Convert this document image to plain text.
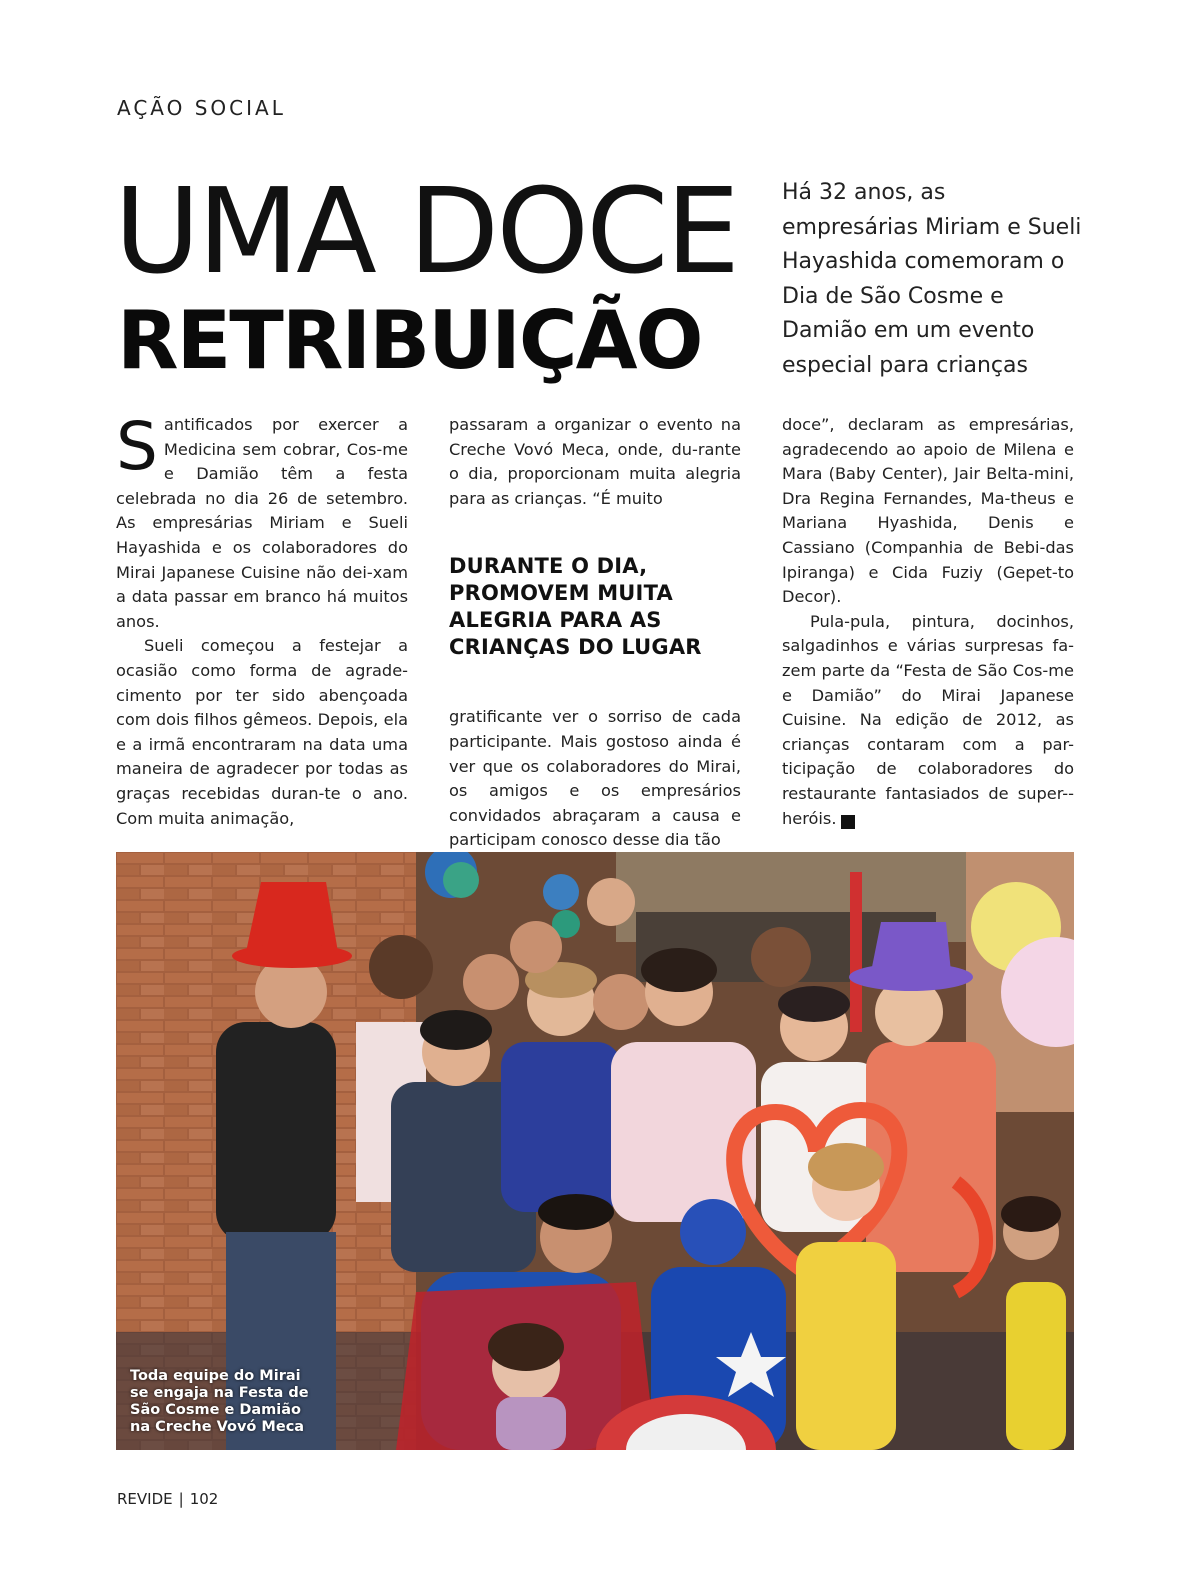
AÇÃO SOCIAL
UMA DOCE
RETRIBUIÇÃO
Há 32 anos, as empresárias Miriam e Sueli Hayashida comemoram o Dia de São Cosme e Damião em um evento especial para crianças

Santificados por exercer a Medicina sem cobrar, Cos-me e Damião têm a festa celebrada no dia 26 de setembro. As empresárias Miriam e Sueli Hayashida e os colaboradores do Mirai Japanese Cuisine não dei-xam a data passar em branco há muitos anos.

Sueli começou a festejar a ocasião como forma de agrade-cimento por ter sido abençoada com dois filhos gêmeos. Depois, ela e a irmã encontraram na data uma maneira de agradecer por todas as graças recebidas duran-te o ano. Com muita animação,

passaram a organizar o evento na Creche Vovó Meca, onde, du-rante o dia, proporcionam muita alegria para as crianças. “É muito

DURANTE O DIA, PROMOVEM MUITA ALEGRIA PARA AS CRIANÇAS DO LUGAR

gratificante ver o sorriso de cada participante. Mais gostoso ainda é ver que os colaboradores do Mirai, os amigos e os empresários convidados abraçaram a causa e participam conosco desse dia tão

doce”, declaram as empresárias, agradecendo ao apoio de Milena e Mara (Baby Center), Jair Belta-mini, Dra Regina Fernandes, Ma-theus e Mariana Hyashida, Denis e Cassiano (Companhia de Bebi-das Ipiranga) e Cida Fuziy (Gepet-to Decor).

Pula-pula, pintura, docinhos, salgadinhos e várias surpresas fa-zem parte da “Festa de São Cos-me e Damião” do Mirai Japanese Cuisine. Na edição de 2012, as crianças contaram com a par-ticipação de colaboradores do restaurante fantasiados de super--heróis.	r

Toda equipe do Mirai
se engaja na Festa de
São Cosme e Damião
na Creche Vovó Meca
REVIDE | 102
